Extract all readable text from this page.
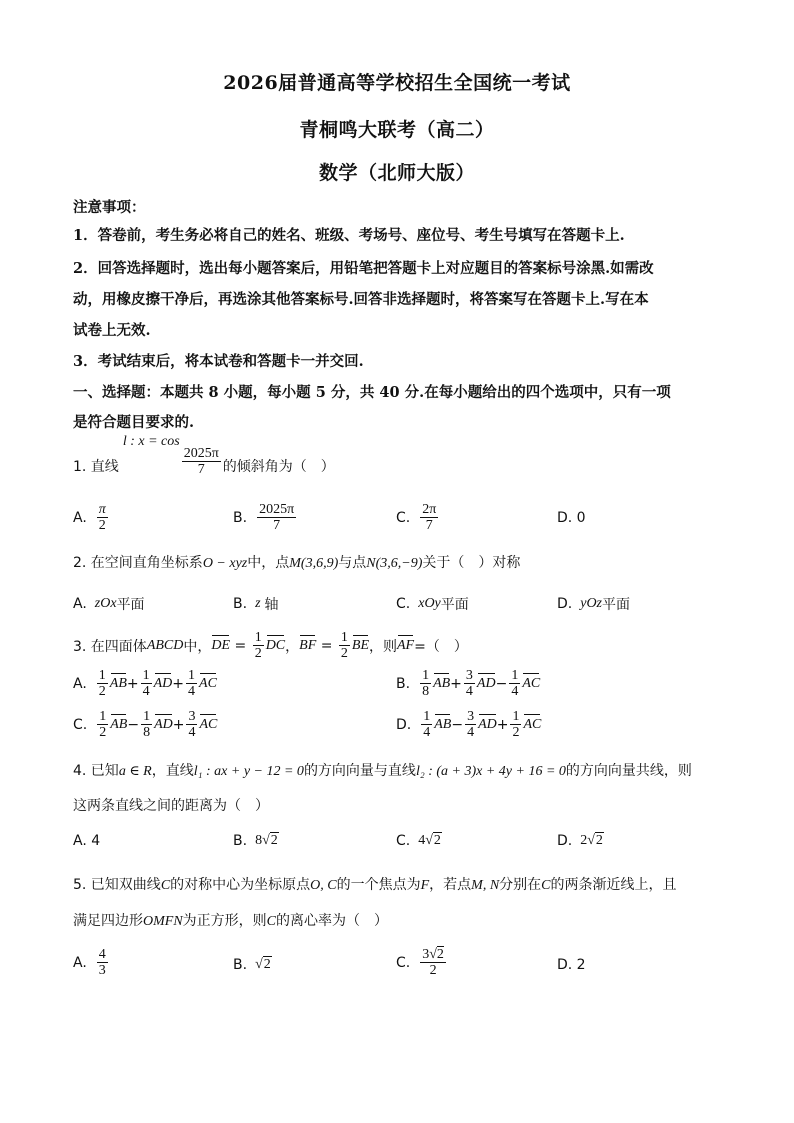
2026届普通高等学校招生全国统一考试
青桐鸣大联考（高二）
数学（北师大版）
注意事项：
1．答卷前，考生务必将自己的姓名、班级、考场号、座位号、考生号填写在答题卡上.
2．回答选择题时，选出每小题答案后，用铅笔把答题卡上对应题目的答案标号涂黑.如需改
动，用橡皮擦干净后，再选涂其他答案标号.回答非选择题时，将答案写在答题卡上.写在本
试卷上无效.
3．考试结束后，将本试卷和答题卡一并交回.
一、选择题：本题共 8 小题，每小题 5 分，共 40 分.在每小题给出的四个选项中，只有一项
是符合题目要求的.
1. 直线
l : x = cos
$\frac{2025\pi}{7}$ 的倾斜角为（　）
A. $\frac{\pi}{2}$	B. $\frac{2025\pi}{7}$	C. $\frac{2\pi}{7}$	D. 0
2. 在空间直角坐标系O − xyz中，点M(3,6,9)与点N(3,6,−9)关于（　）对称
A. zOx 平面	B. z 轴	C. xOy 平面	D. yOz 平面
3. 在四面体 ABCD 中， DE = $\frac{1}{2}$ DC ， BF = $\frac{1}{2}$ BE ，则 AF =（　）
A. $\frac{1}{2}$ AB + $\frac{1}{4}$ AD + $\frac{1}{4}$ AC	B. $\frac{1}{8}$ AB + $\frac{3}{4}$ AD − $\frac{1}{4}$ AC
C. $\frac{1}{2}$ AB − $\frac{1}{8}$ AD + $\frac{3}{4}$ AC	D. $\frac{1}{4}$ AB − $\frac{3}{4}$ AD + $\frac{1}{2}$ AC
4. 已知a ∈ R，直线l₁ : ax + y − 12 = 0的方向向量与直线l₂ : (a + 3)x + 4y + 16 = 0的方向向量共线，则
这两条直线之间的距离为（　）
A. 4	B. 8√2	C. 4√2	D. 2√2
5. 已知双曲线C的对称中心为坐标原点O, C的一个焦点为F，若点M, N分别在C的两条渐近线上，且
满足四边形OMFN为正方形，则C的离心率为（　）
A. $\frac{4}{3}$	B. √2	C. $\frac{3√2}{2}$	D. 2
